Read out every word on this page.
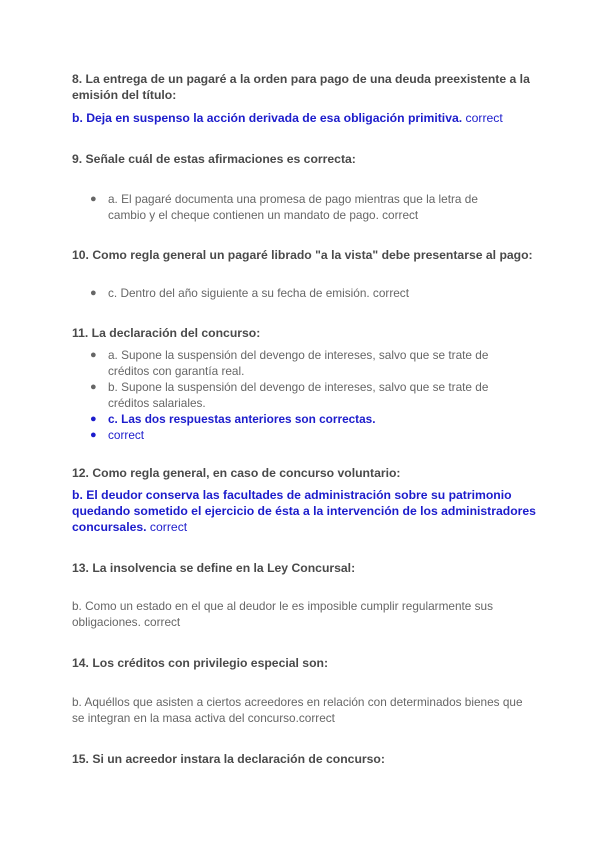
8. La entrega de un pagaré a la orden para pago de una deuda preexistente a la emisión del título:

b. Deja en suspenso la acción derivada de esa obligación primitiva. correct

9. Señale cuál de estas afirmaciones es correcta:

● a. El pagaré documenta una promesa de pago mientras que la letra de cambio y el cheque contienen un mandato de pago. correct

10. Como regla general un pagaré librado "a la vista" debe presentarse al pago:

● c. Dentro del año siguiente a su fecha de emisión. correct

11. La declaración del concurso:

● a. Supone la suspensión del devengo de intereses, salvo que se trate de créditos con garantía real.
● b. Supone la suspensión del devengo de intereses, salvo que se trate de créditos salariales.
● c. Las dos respuestas anteriores son correctas.
● correct

12. Como regla general, en caso de concurso voluntario:

b. El deudor conserva las facultades de administración sobre su patrimonio quedando sometido el ejercicio de ésta a la intervención de los administradores concursales. correct

13. La insolvencia se define en la Ley Concursal:

b. Como un estado en el que al deudor le es imposible cumplir regularmente sus obligaciones. correct

14. Los créditos con privilegio especial son:

b. Aquéllos que asisten a ciertos acreedores en relación con determinados bienes que se integran en la masa activa del concurso.correct

15. Si un acreedor instara la declaración de concurso:
